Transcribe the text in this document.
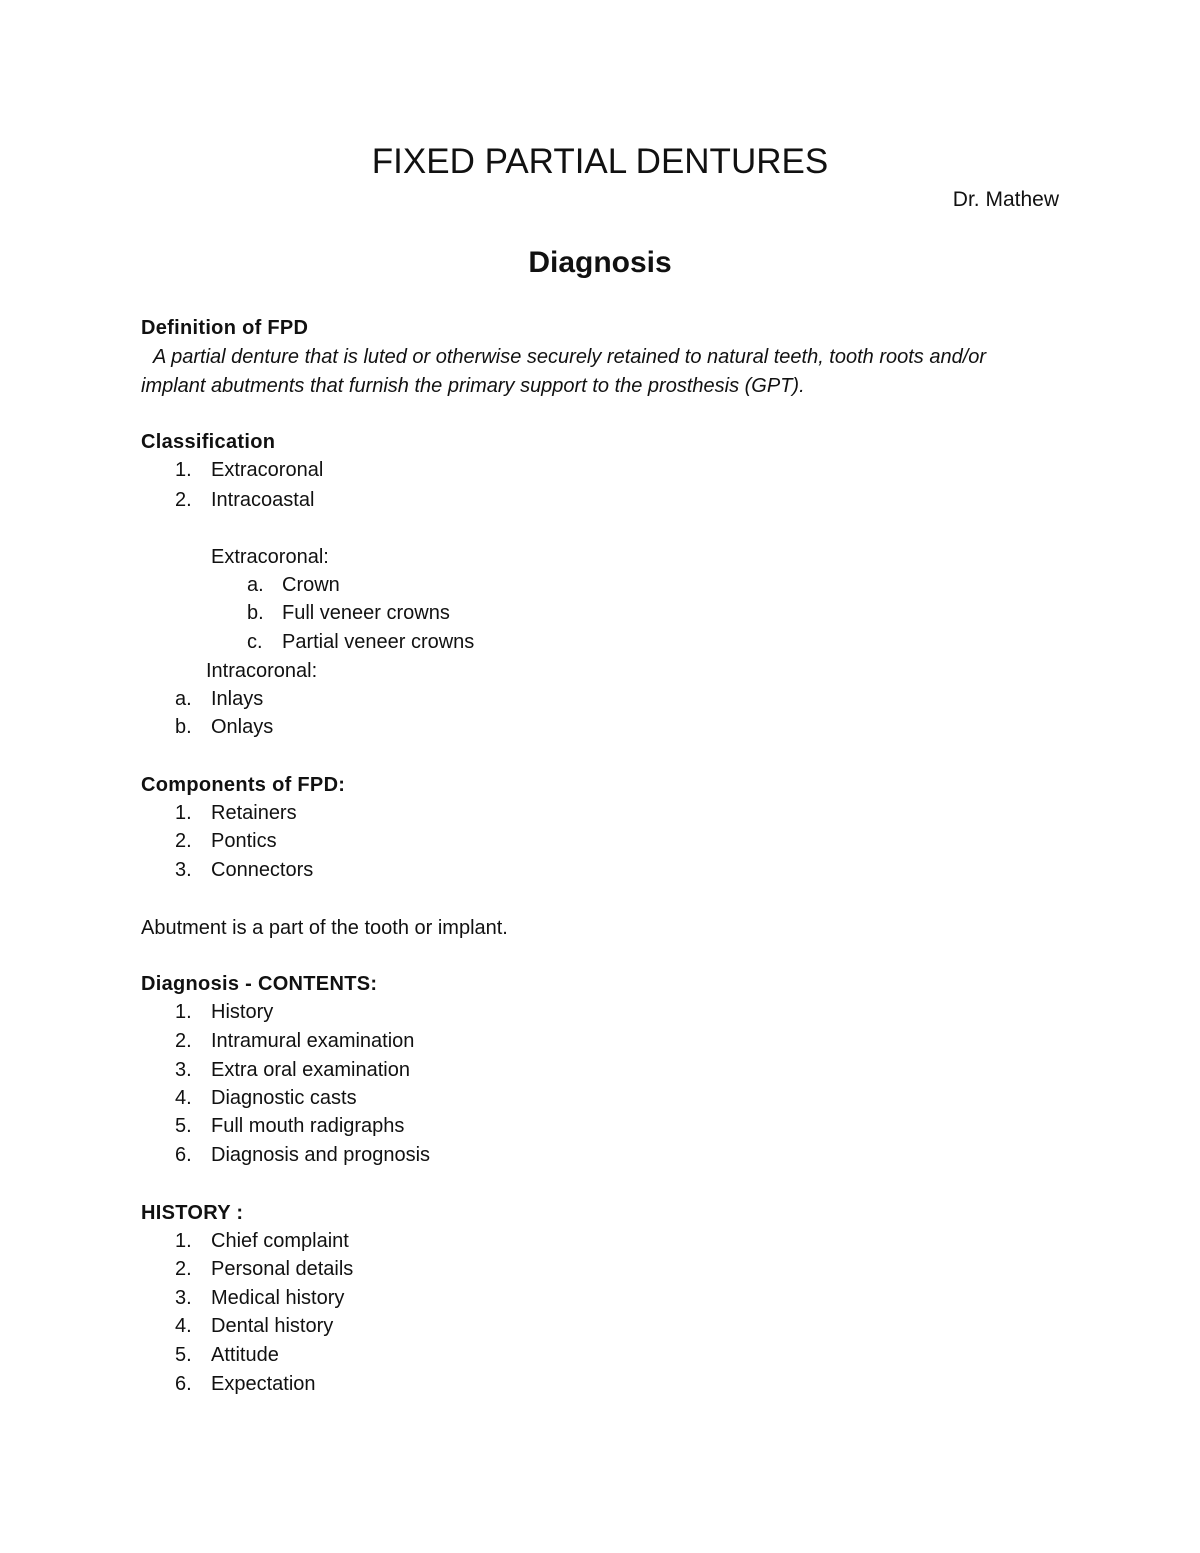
FIXED PARTIAL DENTURES
Dr. Mathew
Diagnosis
Definition of FPD
A partial denture that is luted or otherwise securely retained to natural teeth, tooth roots and/or
implant abutments that furnish the primary support to the prosthesis (GPT).
Classification
1. Extracoronal
2. Intracoastal
Extracoronal:
a. Crown
b. Full veneer crowns
c. Partial veneer crowns
Intracoronal:
a. Inlays
b. Onlays
Components of FPD:
1. Retainers
2. Pontics
3. Connectors
Abutment is a part of the tooth or implant.
Diagnosis - CONTENTS:
1. History
2. Intramural examination
3. Extra oral examination
4. Diagnostic casts
5. Full mouth radigraphs
6. Diagnosis and prognosis
HISTORY :
1. Chief complaint
2. Personal details
3. Medical history
4. Dental history
5. Attitude
6. Expectation
